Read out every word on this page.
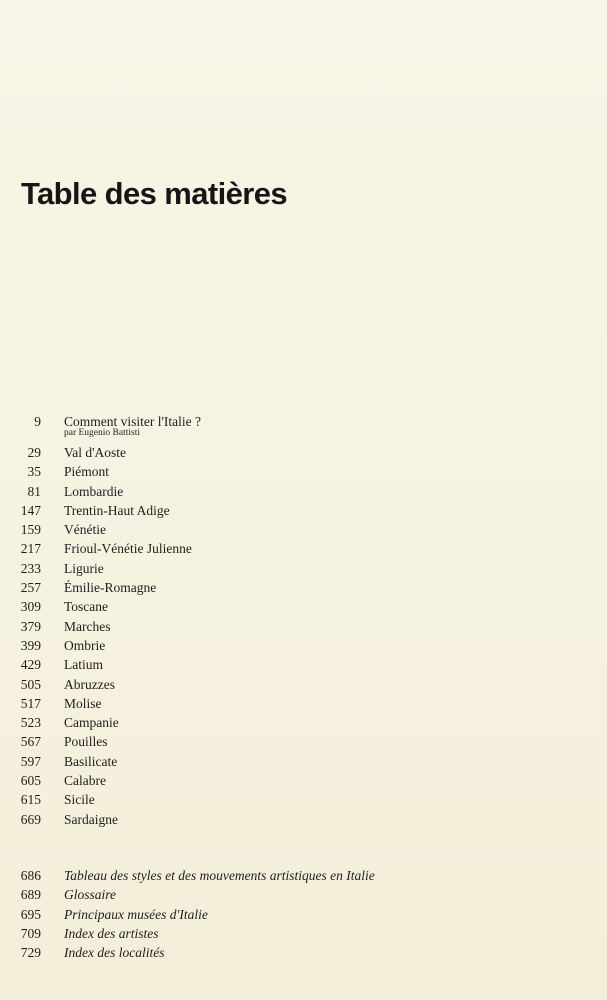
Table des matières
9 Comment visiter l'Italie ?
par Eugenio Battisti
29 Val d'Aoste
35 Piémont
81 Lombardie
147 Trentin-Haut Adige
159 Vénétie
217 Frioul-Vénétie Julienne
233 Ligurie
257 Émilie-Romagne
309 Toscane
379 Marches
399 Ombrie
429 Latium
505 Abruzzes
517 Molise
523 Campanie
567 Pouilles
597 Basilicate
605 Calabre
615 Sicile
669 Sardaigne
686 Tableau des styles et des mouvements artistiques en Italie
689 Glossaire
695 Principaux musées d'Italie
709 Index des artistes
729 Index des localités
